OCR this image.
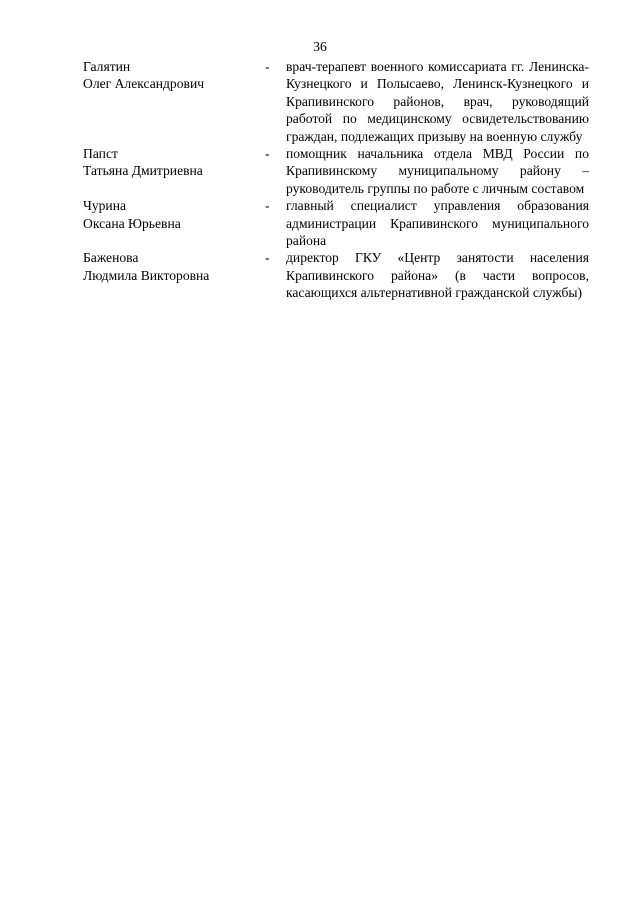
36
Галятин
Олег Александрович
-	врач-терапевт военного комиссариата гг. Ленинска-Кузнецкого и Полысаево, Ленинск-Кузнецкого и Крапивинского районов, врач, руководящий работой по медицинскому освидетельствованию граждан, подлежащих призыву на военную службу
Папст
Татьяна Дмитриевна
-	помощник начальника отдела МВД России по Крапивинскому муниципальному району – руководитель группы по работе с личным составом
Чурина
Оксана Юрьевна
-	главный специалист управления образования администрации Крапивинского муниципального района
Баженова
Людмила Викторовна
-	директор ГКУ «Центр занятости населения Крапивинского района» (в части вопросов, касающихся альтернативной гражданской службы)
